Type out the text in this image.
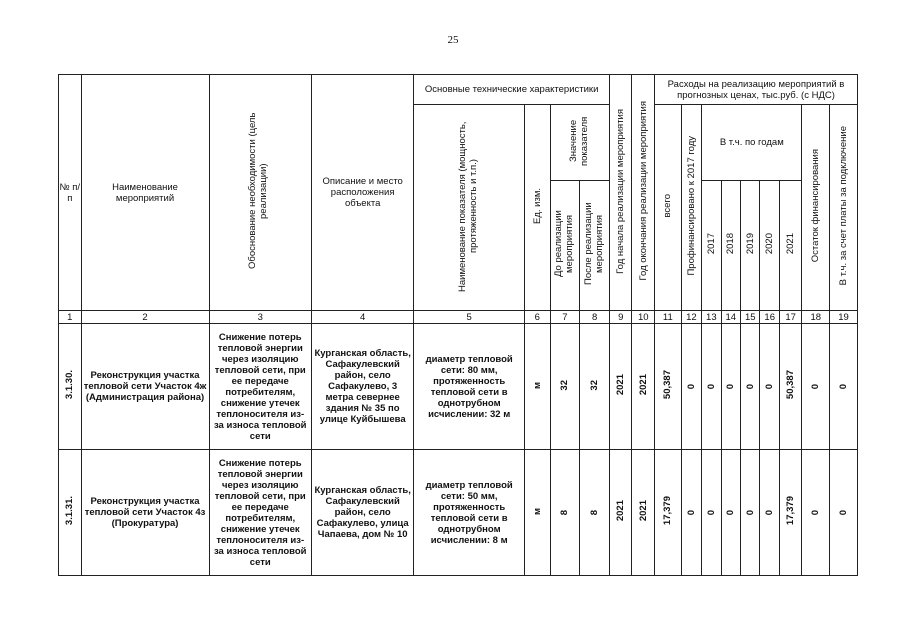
25
№ п/п	Наименование мероприятий	Обоснование необходимости (цель реализации)	Описание и место расположения объекта	Основные технические характеристики				Год начала реализации мероприятия	Год окончания реализации мероприятия	Расходы на реализацию мероприятий в прогнозных ценах, тыс.руб. (с НДС)								
				Наименование показателя (мощность, протяженность и т.п.)	Ед. изм.	Значение показателя				всего	Профинансировано к 2017 году	В т.ч. по годам					Остаток финансирования	В т.ч. за счет платы за подключение

						До реализации мероприятия	После реализации мероприятия					2017	2018	2019	2020	2021		
1	2	3	4	5	6	7	8	9	10	11	12	13	14	15	16	17	18	19
3.1.30.	Реконструкция участка тепловой сети Участок 4ж (Администрация района)	Снижение потерь тепловой энергии через изоляцию тепловой сети, при ее передаче потребителям, снижение утечек теплоносителя из-за износа тепловой сети	Курганская область, Сафакулевский район, село Сафакулево, 3 метра севернее здания № 35 по улице Куйбышева	диаметр тепловой сети: 80 мм, протяженность тепловой сети в однотрубном исчислении: 32 м	м	32	32	2021	2021	50,387	0	0	0	0	0	50,387	0	0
3.1.31.	Реконструкция участка тепловой сети Участок 4з (Прокуратура)	Снижение потерь тепловой энергии через изоляцию тепловой сети, при ее передаче потребителям, снижение утечек теплоносителя из-за износа тепловой сети	Курганская область, Сафакулевский район, село Сафакулево, улица Чапаева, дом № 10	диаметр тепловой сети: 50 мм, протяженность тепловой сети в однотрубном исчислении: 8 м	м	8	8	2021	2021	17,379	0	0	0	0	0	17,379	0	0
